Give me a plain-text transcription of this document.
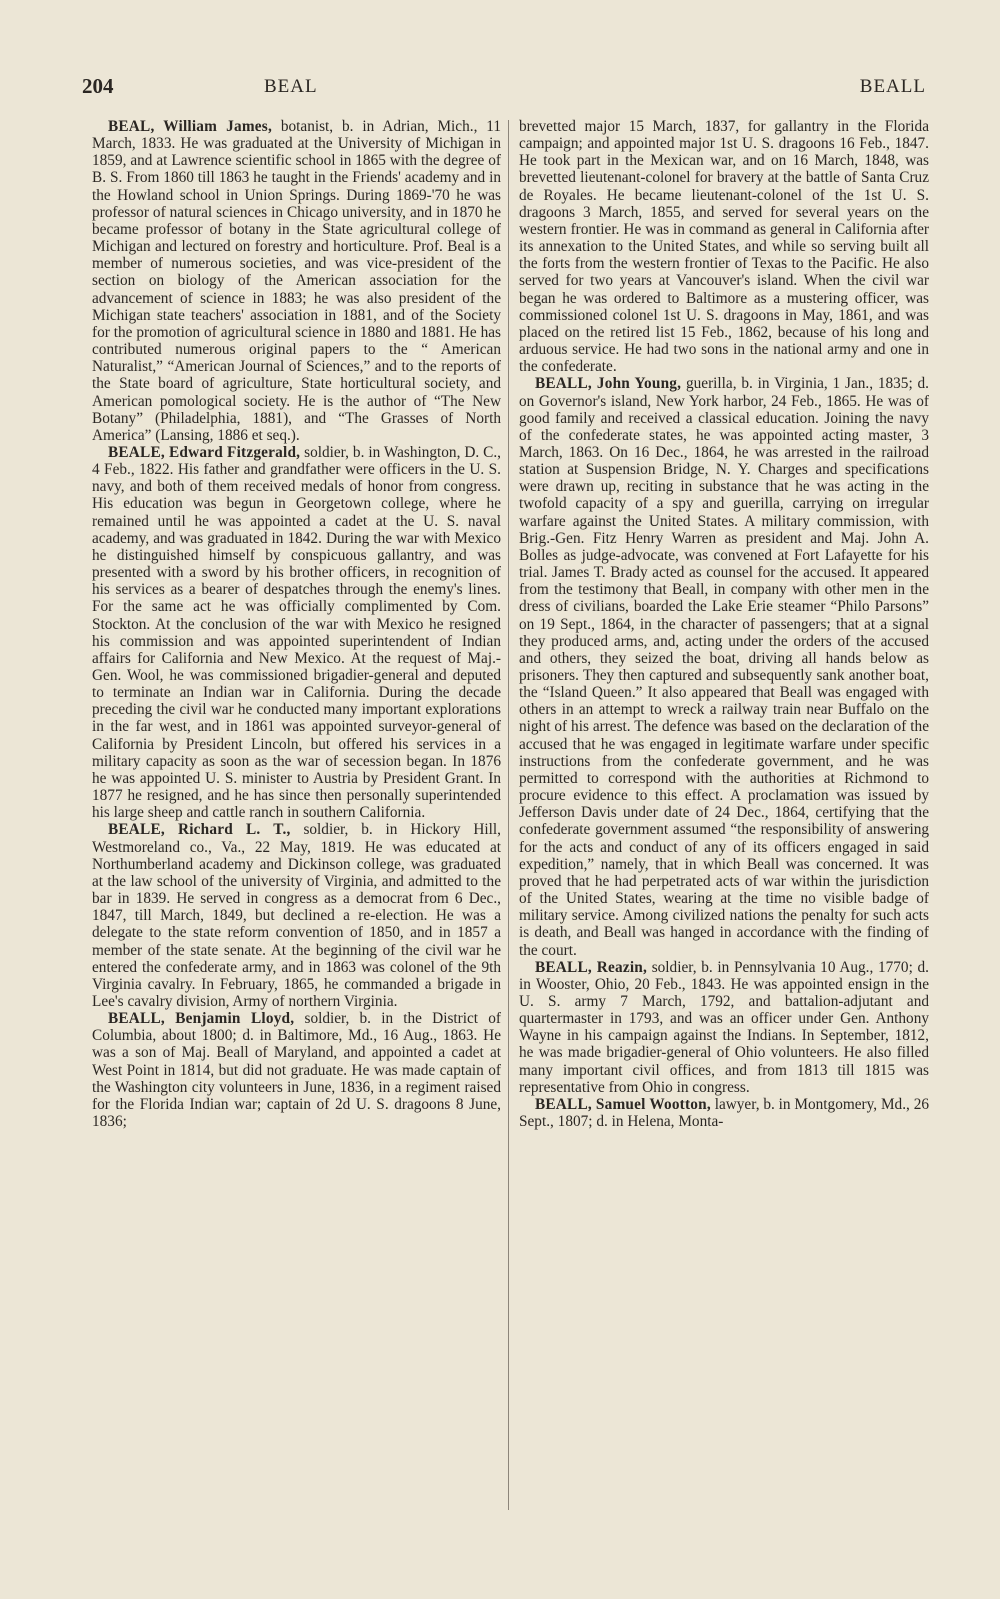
204	BEAL	BEALL

BEAL, William James, botanist, b. in Adrian, Mich., 11 March, 1833. He was graduated at the University of Michigan in 1859, and at Lawrence scientific school in 1865 with the degree of B. S. From 1860 till 1863 he taught in the Friends' academy and in the Howland school in Union Springs. During 1869-'70 he was professor of natural sciences in Chicago university, and in 1870 he became professor of botany in the State agricultural college of Michigan and lectured on forestry and horticulture. Prof. Beal is a member of numerous societies, and was vice-president of the section on biology of the American association for the advancement of science in 1883; he was also president of the Michigan state teachers' association in 1881, and of the Society for the promotion of agricultural science in 1880 and 1881. He has contributed numerous original papers to the “ American Naturalist,” “American Journal of Sciences,” and to the reports of the State board of agriculture, State horticultural society, and American pomological society. He is the author of “The New Botany” (Philadelphia, 1881), and “The Grasses of North America” (Lansing, 1886 et seq.).

BEALE, Edward Fitzgerald, soldier, b. in Washington, D. C., 4 Feb., 1822. His father and grandfather were officers in the U. S. navy, and both of them received medals of honor from congress. His education was begun in Georgetown college, where he remained until he was appointed a cadet at the U. S. naval academy, and was graduated in 1842. During the war with Mexico he distinguished himself by conspicuous gallantry, and was presented with a sword by his brother officers, in recognition of his services as a bearer of despatches through the enemy's lines. For the same act he was officially complimented by Com. Stockton. At the conclusion of the war with Mexico he resigned his commission and was appointed superintendent of Indian affairs for California and New Mexico. At the request of Maj.-Gen. Wool, he was commissioned brigadier-general and deputed to terminate an Indian war in California. During the decade preceding the civil war he conducted many important explorations in the far west, and in 1861 was appointed surveyor-general of California by President Lincoln, but offered his services in a military capacity as soon as the war of secession began. In 1876 he was appointed U. S. minister to Austria by President Grant. In 1877 he resigned, and he has since then personally superintended his large sheep and cattle ranch in southern California.

BEALE, Richard L. T., soldier, b. in Hickory Hill, Westmoreland co., Va., 22 May, 1819. He was educated at Northumberland academy and Dickinson college, was graduated at the law school of the university of Virginia, and admitted to the bar in 1839. He served in congress as a democrat from 6 Dec., 1847, till March, 1849, but declined a re-election. He was a delegate to the state reform convention of 1850, and in 1857 a member of the state senate. At the beginning of the civil war he entered the confederate army, and in 1863 was colonel of the 9th Virginia cavalry. In February, 1865, he commanded a brigade in Lee's cavalry division, Army of northern Virginia.

BEALL, Benjamin Lloyd, soldier, b. in the District of Columbia, about 1800; d. in Baltimore, Md., 16 Aug., 1863. He was a son of Maj. Beall of Maryland, and appointed a cadet at West Point in 1814, but did not graduate. He was made captain of the Washington city volunteers in June, 1836, in a regiment raised for the Florida Indian war; captain of 2d U. S. dragoons 8 June, 1836;

brevetted major 15 March, 1837, for gallantry in the Florida campaign; and appointed major 1st U. S. dragoons 16 Feb., 1847. He took part in the Mexican war, and on 16 March, 1848, was brevetted lieutenant-colonel for bravery at the battle of Santa Cruz de Royales. He became lieutenant-colonel of the 1st U. S. dragoons 3 March, 1855, and served for several years on the western frontier. He was in command as general in California after its annexation to the United States, and while so serving built all the forts from the western frontier of Texas to the Pacific. He also served for two years at Vancouver's island. When the civil war began he was ordered to Baltimore as a mustering officer, was commissioned colonel 1st U. S. dragoons in May, 1861, and was placed on the retired list 15 Feb., 1862, because of his long and arduous service. He had two sons in the national army and one in the confederate.

BEALL, John Young, guerilla, b. in Virginia, 1 Jan., 1835; d. on Governor's island, New York harbor, 24 Feb., 1865. He was of good family and received a classical education. Joining the navy of the confederate states, he was appointed acting master, 3 March, 1863. On 16 Dec., 1864, he was arrested in the railroad station at Suspension Bridge, N. Y. Charges and specifications were drawn up, reciting in substance that he was acting in the twofold capacity of a spy and guerilla, carrying on irregular warfare against the United States. A military commission, with Brig.-Gen. Fitz Henry Warren as president and Maj. John A. Bolles as judge-advocate, was convened at Fort Lafayette for his trial. James T. Brady acted as counsel for the accused. It appeared from the testimony that Beall, in company with other men in the dress of civilians, boarded the Lake Erie steamer “Philo Parsons” on 19 Sept., 1864, in the character of passengers; that at a signal they produced arms, and, acting under the orders of the accused and others, they seized the boat, driving all hands below as prisoners. They then captured and subsequently sank another boat, the “Island Queen.” It also appeared that Beall was engaged with others in an attempt to wreck a railway train near Buffalo on the night of his arrest. The defence was based on the declaration of the accused that he was engaged in legitimate warfare under specific instructions from the confederate government, and he was permitted to correspond with the authorities at Richmond to procure evidence to this effect. A proclamation was issued by Jefferson Davis under date of 24 Dec., 1864, certifying that the confederate government assumed “the responsibility of answering for the acts and conduct of any of its officers engaged in said expedition,” namely, that in which Beall was concerned. It was proved that he had perpetrated acts of war within the jurisdiction of the United States, wearing at the time no visible badge of military service. Among civilized nations the penalty for such acts is death, and Beall was hanged in accordance with the finding of the court.

BEALL, Reazin, soldier, b. in Pennsylvania 10 Aug., 1770; d. in Wooster, Ohio, 20 Feb., 1843. He was appointed ensign in the U. S. army 7 March, 1792, and battalion-adjutant and quartermaster in 1793, and was an officer under Gen. Anthony Wayne in his campaign against the Indians. In September, 1812, he was made brigadier-general of Ohio volunteers. He also filled many important civil offices, and from 1813 till 1815 was representative from Ohio in congress.

BEALL, Samuel Wootton, lawyer, b. in Montgomery, Md., 26 Sept., 1807; d. in Helena, Monta-
